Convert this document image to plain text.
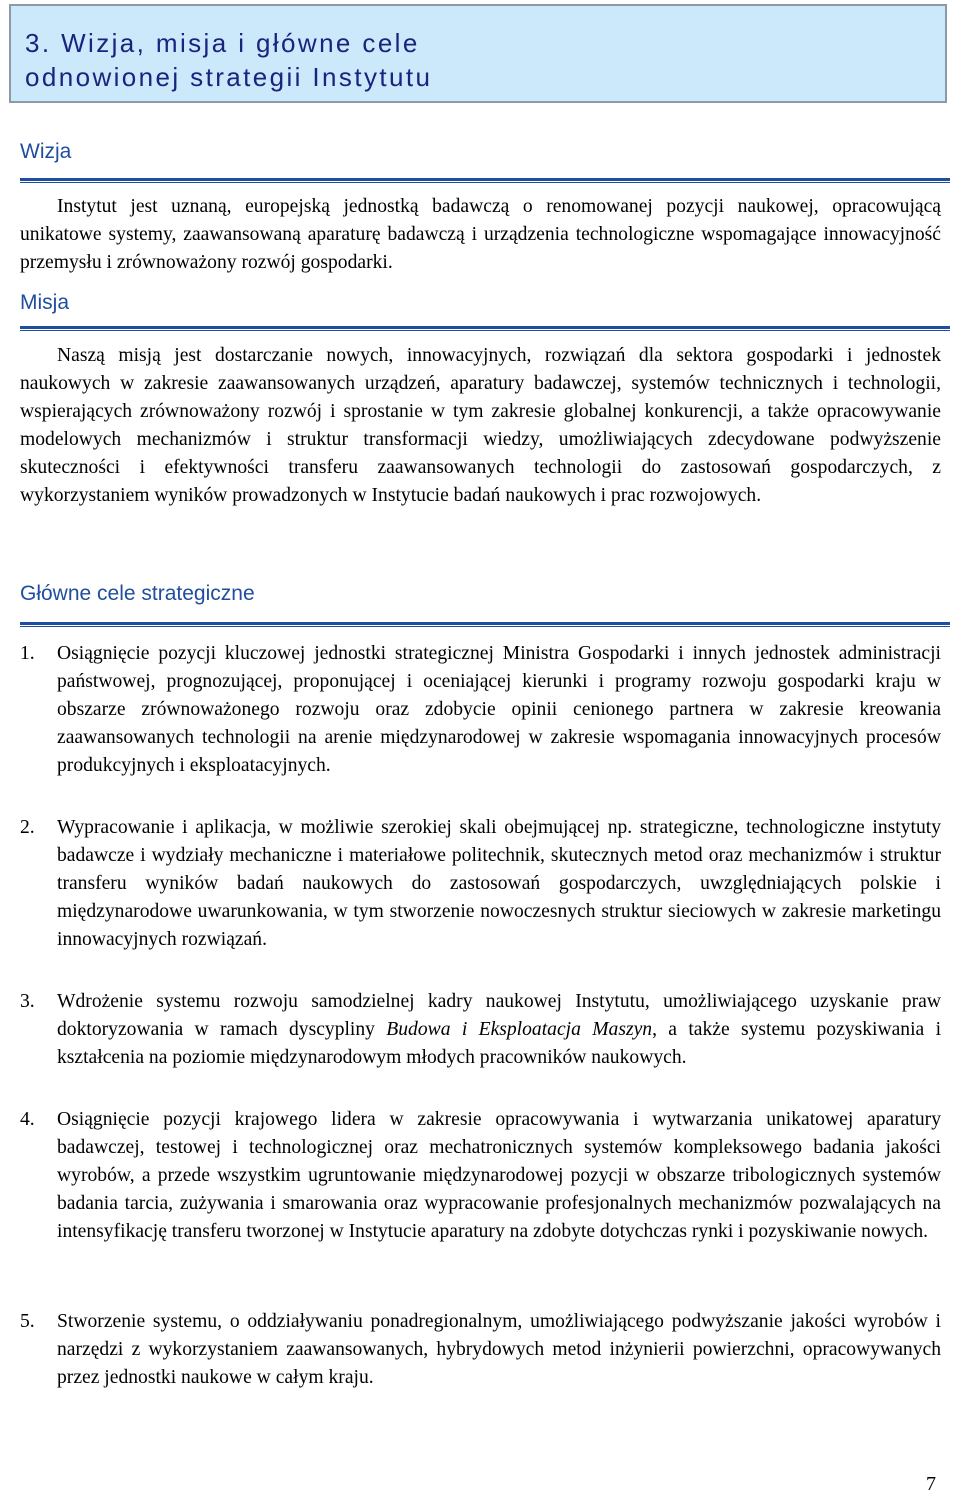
3. Wizja, misja i główne cele
odnowionej strategii Instytutu
Wizja

Instytut jest uznaną, europejską jednostką badawczą o renomowanej pozycji naukowej, opracowującą unikatowe systemy, zaawansowaną aparaturę badawczą i urządzenia technologiczne wspomagające innowacyjność przemysłu i zrównoważony rozwój gospodarki.

Misja

Naszą misją jest dostarczanie nowych, innowacyjnych, rozwiązań dla sektora gospodarki i jednostek naukowych w zakresie zaawansowanych urządzeń, aparatury badawczej, systemów technicznych i technologii, wspierających zrównoważony rozwój i sprostanie w tym zakresie globalnej konkurencji, a także opracowywanie modelowych mechanizmów i struktur transformacji wiedzy, umożliwiających zdecydowane podwyższenie skuteczności i efektywności transferu zaawansowanych technologii do zastosowań gospodarczych, z wykorzystaniem wyników prowadzonych w Instytucie badań naukowych i prac rozwojowych.

Główne cele strategiczne
1. Osiągnięcie pozycji kluczowej jednostki strategicznej Ministra Gospodarki i innych jednostek administracji państwowej, prognozującej, proponującej i oceniającej kierunki i programy rozwoju gospodarki kraju w obszarze zrównoważonego rozwoju oraz zdobycie opinii cenionego partnera w zakresie kreowania zaawansowanych technologii na arenie międzynarodowej w zakresie wspomagania innowacyjnych procesów produkcyjnych i eksploatacyjnych.

2. Wypracowanie i aplikacja, w możliwie szerokiej skali obejmującej np. strategiczne, technologiczne instytuty badawcze i wydziały mechaniczne i materiałowe politechnik, skutecznych metod oraz mechanizmów i struktur transferu wyników badań naukowych do zastosowań gospodarczych, uwzględniających polskie i międzynarodowe uwarunkowania, w tym stworzenie nowoczesnych struktur sieciowych w zakresie marketingu innowacyjnych rozwiązań.

3. Wdrożenie systemu rozwoju samodzielnej kadry naukowej Instytutu, umożliwiającego uzyskanie praw doktoryzowania w ramach dyscypliny Budowa i Eksploatacja Maszyn, a także systemu pozyskiwania i kształcenia na poziomie międzynarodowym młodych pracowników naukowych.

4. Osiągnięcie pozycji krajowego lidera w zakresie opracowywania i wytwarzania unikatowej aparatury badawczej, testowej i technologicznej oraz mechatronicznych systemów kompleksowego badania jakości wyrobów, a przede wszystkim ugruntowanie międzynarodowej pozycji w obszarze tribologicznych systemów badania tarcia, zużywania i smarowania oraz wypracowanie profesjonalnych mechanizmów pozwalających na intensyfikację transferu tworzonej w Instytucie aparatury na zdobyte dotychczas rynki i pozyskiwanie nowych.

5. Stworzenie systemu, o oddziaływaniu ponadregionalnym, umożliwiającego podwyższanie jakości wyrobów i narzędzi z wykorzystaniem zaawansowanych, hybrydowych metod inżynierii powierzchni, opracowywanych przez jednostki naukowe w całym kraju.

7
